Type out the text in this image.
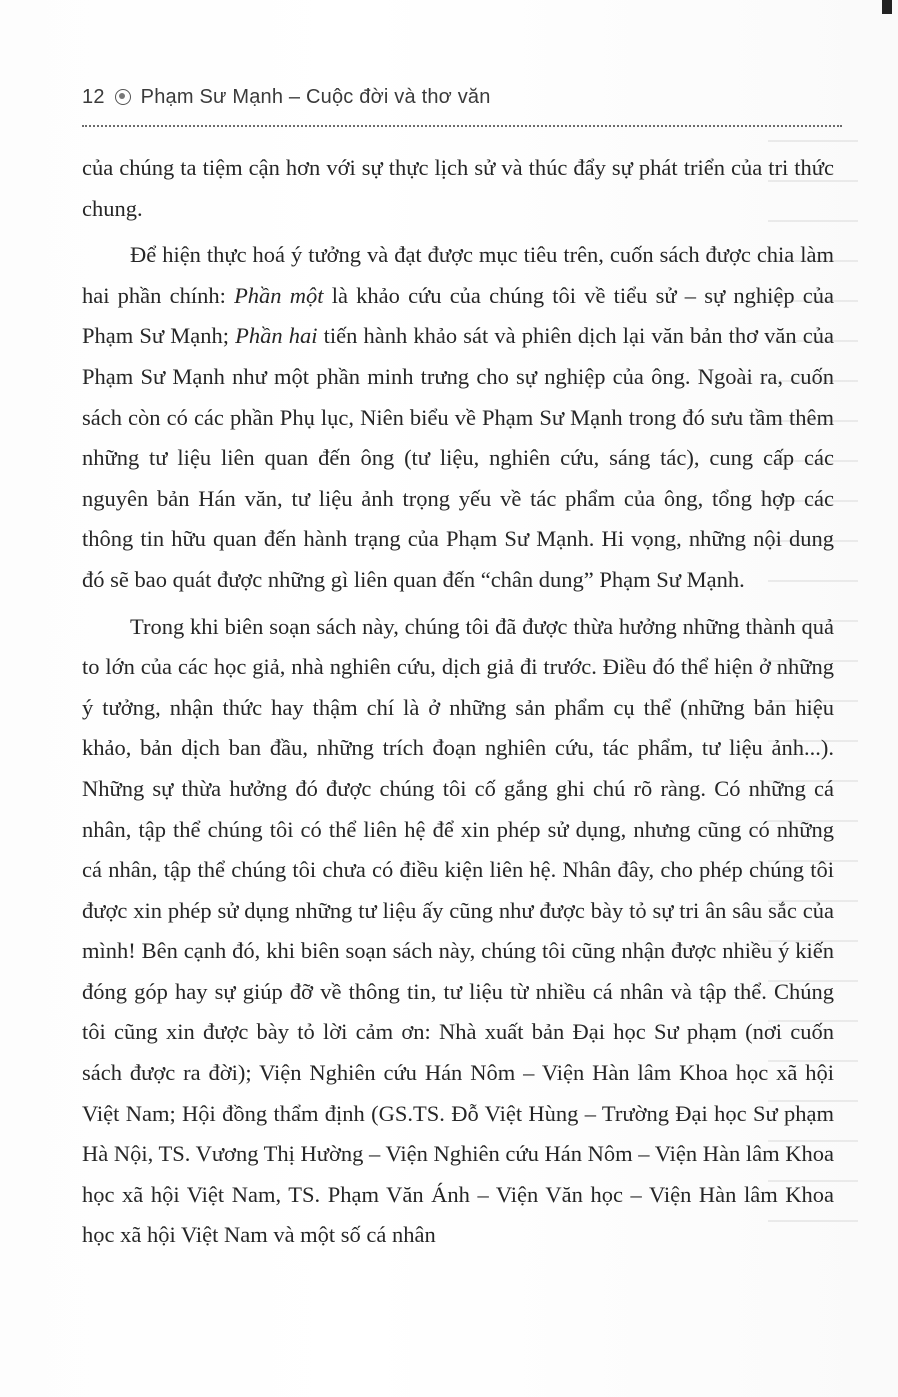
12 Phạm Sư Mạnh – Cuộc đời và thơ văn

của chúng ta tiệm cận hơn với sự thực lịch sử và thúc đẩy sự phát triển của tri thức chung.

Để hiện thực hoá ý tưởng và đạt được mục tiêu trên, cuốn sách được chia làm hai phần chính: Phần một là khảo cứu của chúng tôi về tiểu sử – sự nghiệp của Phạm Sư Mạnh; Phần hai tiến hành khảo sát và phiên dịch lại văn bản thơ văn của Phạm Sư Mạnh như một phần minh trưng cho sự nghiệp của ông. Ngoài ra, cuốn sách còn có các phần Phụ lục, Niên biểu về Phạm Sư Mạnh trong đó sưu tầm thêm những tư liệu liên quan đến ông (tư liệu, nghiên cứu, sáng tác), cung cấp các nguyên bản Hán văn, tư liệu ảnh trọng yếu về tác phẩm của ông, tổng hợp các thông tin hữu quan đến hành trạng của Phạm Sư Mạnh. Hi vọng, những nội dung đó sẽ bao quát được những gì liên quan đến “chân dung” Phạm Sư Mạnh.

Trong khi biên soạn sách này, chúng tôi đã được thừa hưởng những thành quả to lớn của các học giả, nhà nghiên cứu, dịch giả đi trước. Điều đó thể hiện ở những ý tưởng, nhận thức hay thậm chí là ở những sản phẩm cụ thể (những bản hiệu khảo, bản dịch ban đầu, những trích đoạn nghiên cứu, tác phẩm, tư liệu ảnh...). Những sự thừa hưởng đó được chúng tôi cố gắng ghi chú rõ ràng. Có những cá nhân, tập thể chúng tôi có thể liên hệ để xin phép sử dụng, nhưng cũng có những cá nhân, tập thể chúng tôi chưa có điều kiện liên hệ. Nhân đây, cho phép chúng tôi được xin phép sử dụng những tư liệu ấy cũng như được bày tỏ sự tri ân sâu sắc của mình! Bên cạnh đó, khi biên soạn sách này, chúng tôi cũng nhận được nhiều ý kiến đóng góp hay sự giúp đỡ về thông tin, tư liệu từ nhiều cá nhân và tập thể. Chúng tôi cũng xin được bày tỏ lời cảm ơn: Nhà xuất bản Đại học Sư phạm (nơi cuốn sách được ra đời); Viện Nghiên cứu Hán Nôm – Viện Hàn lâm Khoa học xã hội Việt Nam; Hội đồng thẩm định (GS.TS. Đỗ Việt Hùng – Trường Đại học Sư phạm Hà Nội, TS. Vương Thị Hường – Viện Nghiên cứu Hán Nôm – Viện Hàn lâm Khoa học xã hội Việt Nam, TS. Phạm Văn Ánh – Viện Văn học – Viện Hàn lâm Khoa học xã hội Việt Nam và một số cá nhân
